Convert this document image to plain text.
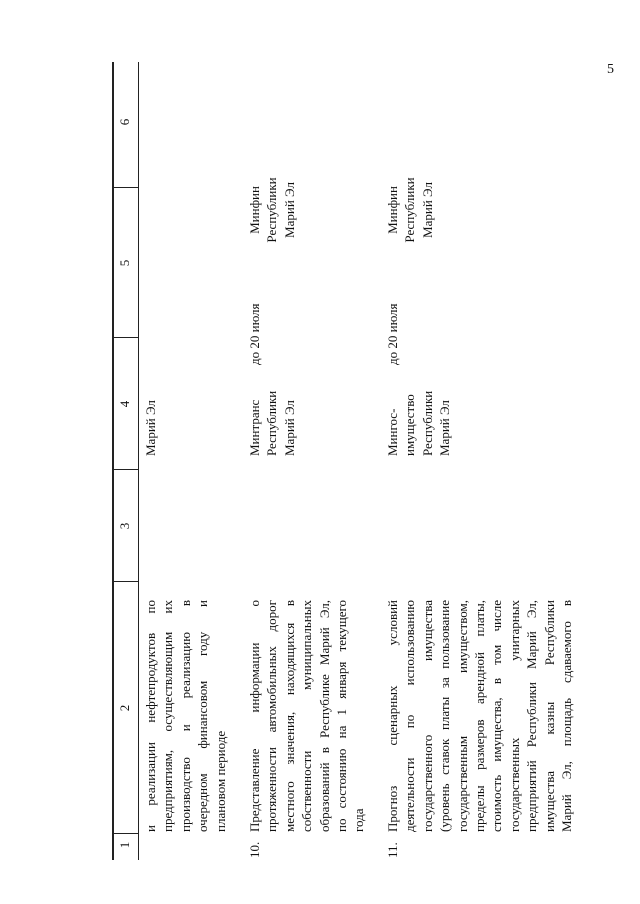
5
1
2
3
4
5
6
и реализации нефтепродуктов по предприятиям, осуществляющим их производство и реализацию в очередном финансовом году и плановом периоде
Марий Эл
10.
Представление информации о протяженности автомобильных дорог местного значения, находящихся в собственности муниципальных образований в Республике Марий Эл, по состоянию на 1 января текущего года
Минтранс Республики Марий Эл
до 20 июля
Минфин Республики Марий Эл
11.
Прогноз сценарных условий деятельности по использованию государственного имущества (уровень ставок платы за пользование государственным имуществом, пределы размеров арендной платы, стоимость имущества, в том числе государственных унитарных предприятий Республики Марий Эл, имущества казны Республики Марий Эл, площадь сдаваемого в
Мингос- имущество Республики Марий Эл
до 20 июля
Минфин Республики Марий Эл
